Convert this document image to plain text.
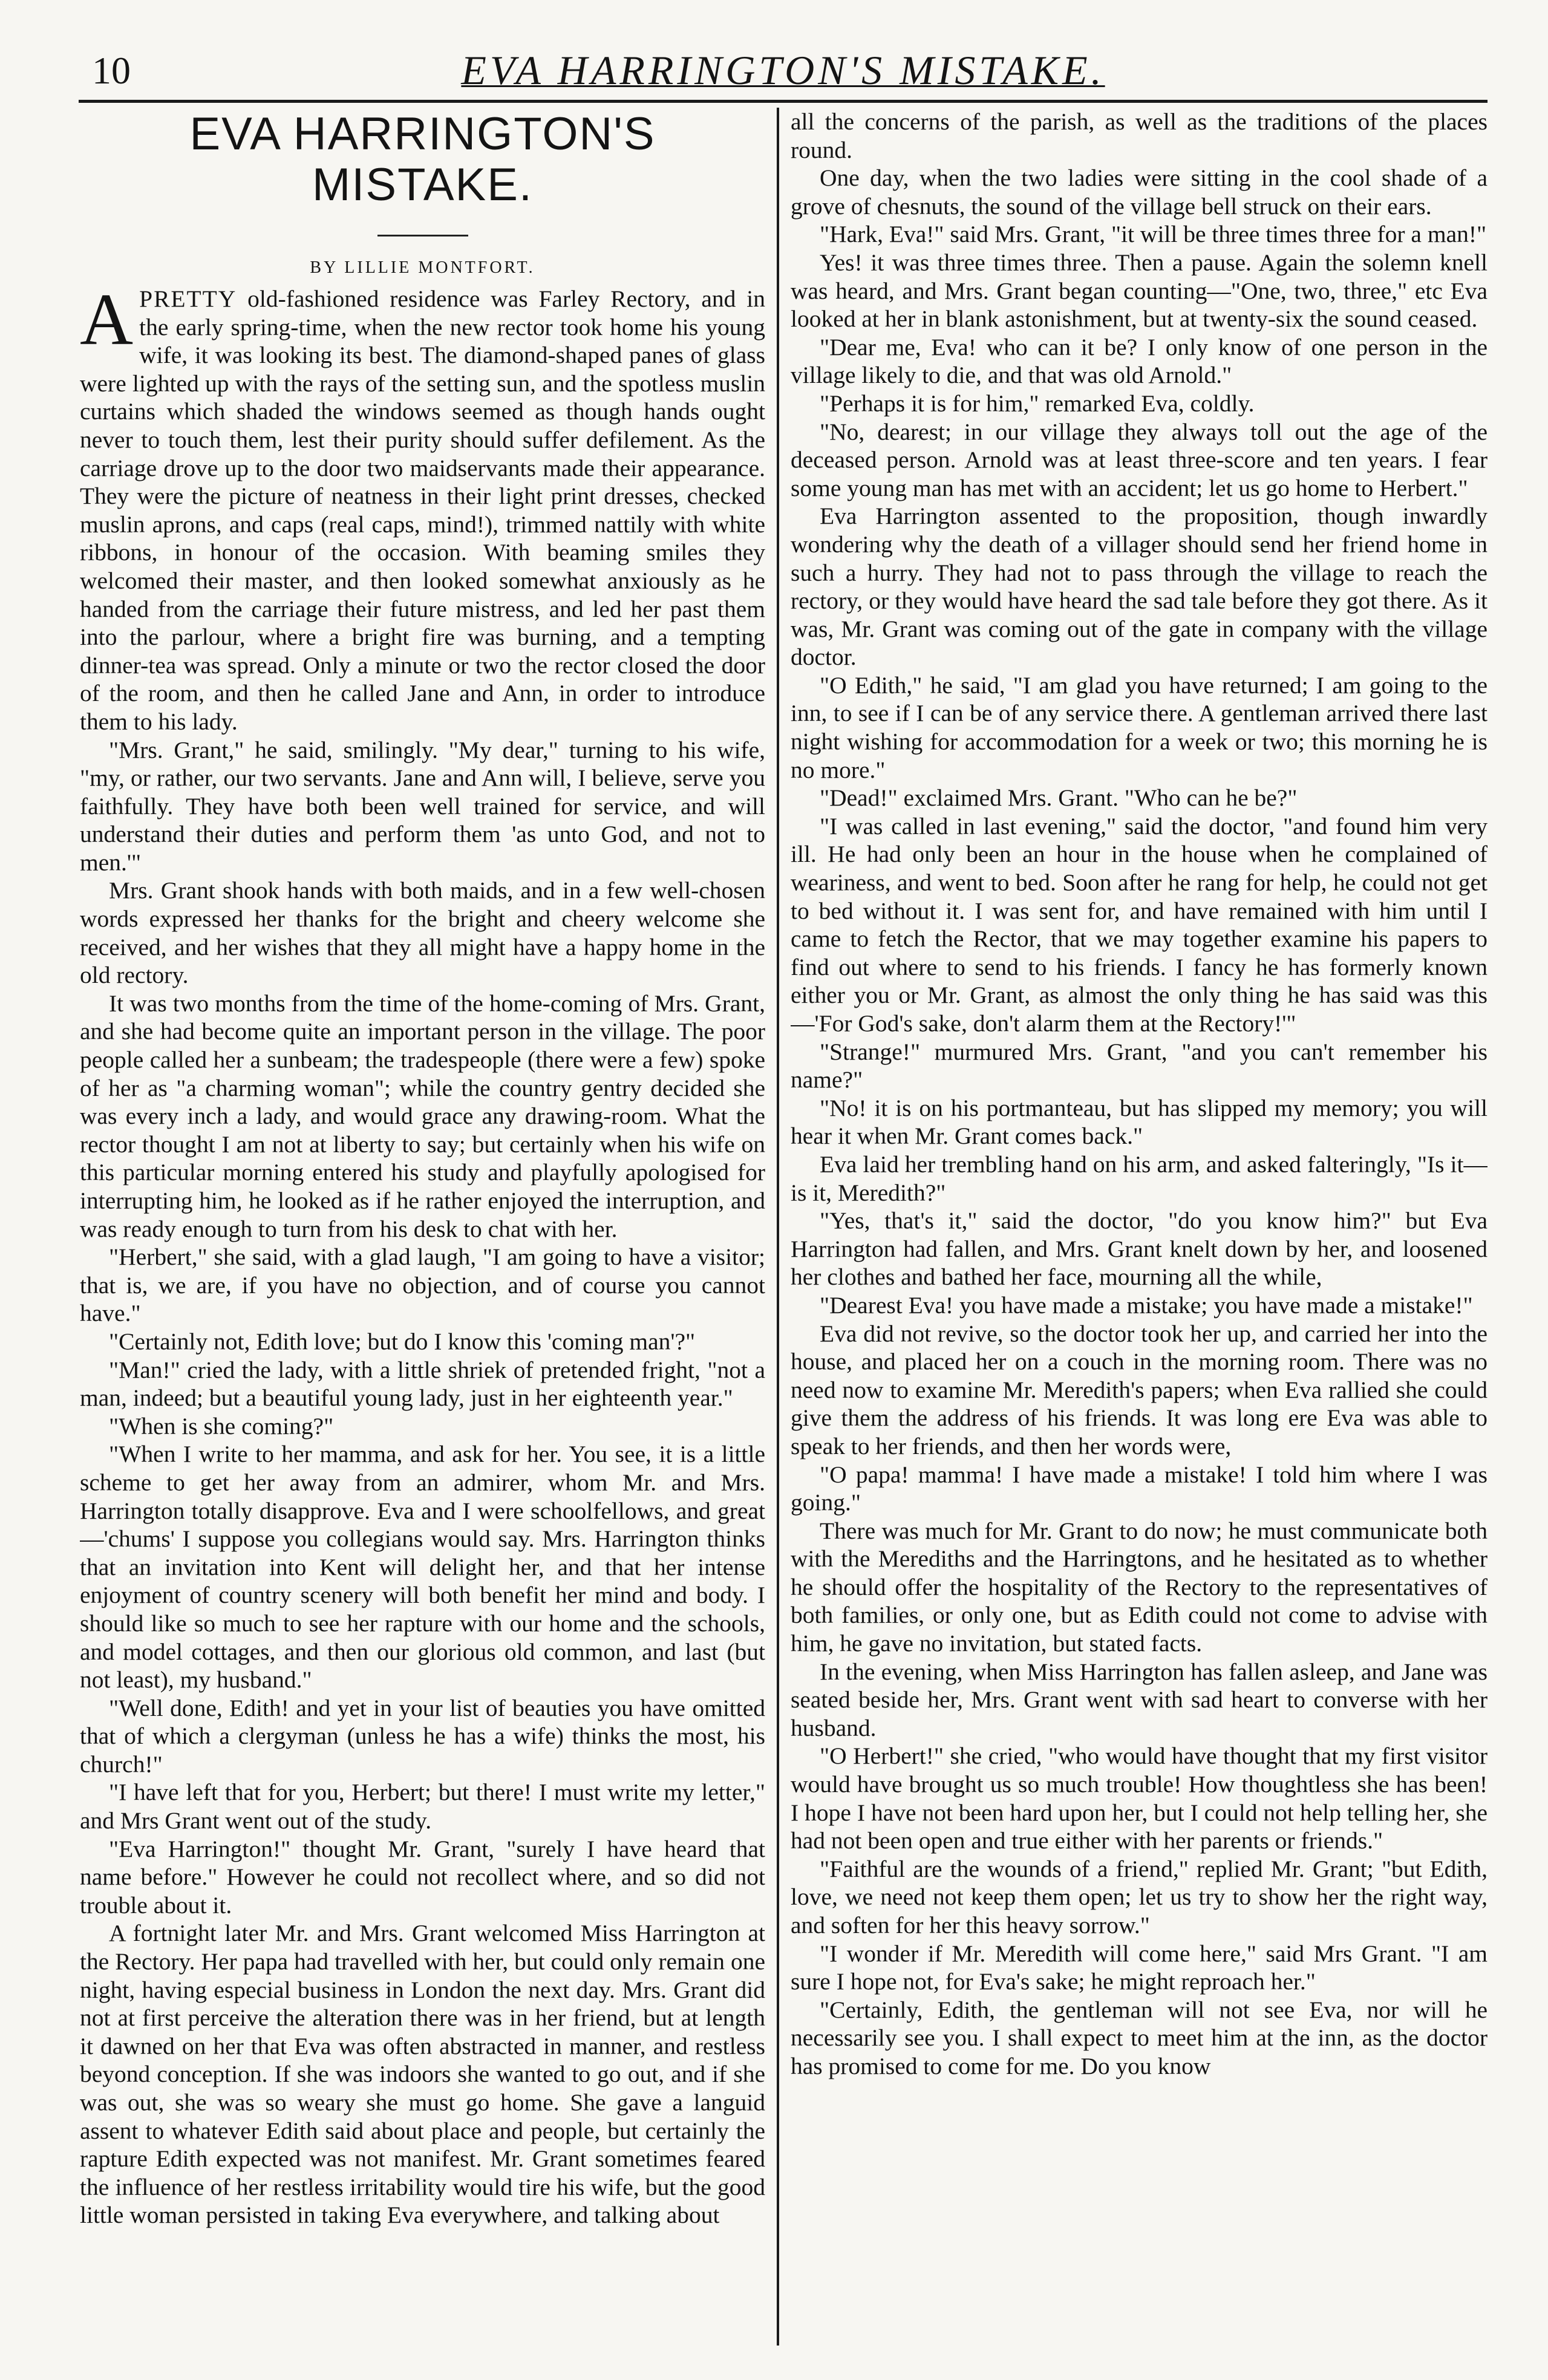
10	EVA HARRINGTON'S MISTAKE.
EVA HARRINGTON'S MISTAKE.
BY LILLIE MONTFORT.

APRETTY old-fashioned residence was Farley Rectory, and in the early spring-time, when the new rector took home his young wife, it was looking its best. The diamond-shaped panes of glass were lighted up with the rays of the setting sun, and the spotless muslin curtains which shaded the windows seemed as though hands ought never to touch them, lest their purity should suffer defilement. As the carriage drove up to the door two maidservants made their appearance. They were the picture of neatness in their light print dresses, checked muslin aprons, and caps (real caps, mind!), trimmed nattily with white ribbons, in honour of the occasion. With beaming smiles they welcomed their master, and then looked somewhat anxiously as he handed from the carriage their future mistress, and led her past them into the parlour, where a bright fire was burning, and a tempting dinner-tea was spread. Only a minute or two the rector closed the door of the room, and then he called Jane and Ann, in order to introduce them to his lady.

"Mrs. Grant," he said, smilingly. "My dear," turning to his wife, "my, or rather, our two servants. Jane and Ann will, I believe, serve you faithfully. They have both been well trained for service, and will understand their duties and perform them 'as unto God, and not to men.'"

Mrs. Grant shook hands with both maids, and in a few well-chosen words expressed her thanks for the bright and cheery welcome she received, and her wishes that they all might have a happy home in the old rectory.

It was two months from the time of the home-coming of Mrs. Grant, and she had become quite an important person in the village. The poor people called her a sunbeam; the tradespeople (there were a few) spoke of her as "a charming woman"; while the country gentry decided she was every inch a lady, and would grace any drawing-room. What the rector thought I am not at liberty to say; but certainly when his wife on this particular morning entered his study and playfully apologised for interrupting him, he looked as if he rather enjoyed the interruption, and was ready enough to turn from his desk to chat with her.

"Herbert," she said, with a glad laugh, "I am going to have a visitor; that is, we are, if you have no objection, and of course you cannot have."

"Certainly not, Edith love; but do I know this 'coming man'?"

"Man!" cried the lady, with a little shriek of pretended fright, "not a man, indeed; but a beautiful young lady, just in her eighteenth year."

"When is she coming?"

"When I write to her mamma, and ask for her. You see, it is a little scheme to get her away from an admirer, whom Mr. and Mrs. Harrington totally disapprove. Eva and I were schoolfellows, and great—'chums' I suppose you collegians would say. Mrs. Harrington thinks that an invitation into Kent will delight her, and that her intense enjoyment of country scenery will both benefit her mind and body. I should like so much to see her rapture with our home and the schools, and model cottages, and then our glorious old common, and last (but not least), my husband."

"Well done, Edith! and yet in your list of beauties you have omitted that of which a clergyman (unless he has a wife) thinks the most, his church!"

"I have left that for you, Herbert; but there! I must write my letter," and Mrs Grant went out of the study.

"Eva Harrington!" thought Mr. Grant, "surely I have heard that name before." However he could not recollect where, and so did not trouble about it.

A fortnight later Mr. and Mrs. Grant welcomed Miss Harrington at the Rectory. Her papa had travelled with her, but could only remain one night, having especial business in London the next day. Mrs. Grant did not at first perceive the alteration there was in her friend, but at length it dawned on her that Eva was often abstracted in manner, and restless beyond conception. If she was indoors she wanted to go out, and if she was out, she was so weary she must go home. She gave a languid assent to whatever Edith said about place and people, but certainly the rapture Edith expected was not manifest. Mr. Grant sometimes feared the influence of her restless irritability would tire his wife, but the good little woman persisted in taking Eva everywhere, and talking about

all the concerns of the parish, as well as the traditions of the places round.

One day, when the two ladies were sitting in the cool shade of a grove of chesnuts, the sound of the village bell struck on their ears.

"Hark, Eva!" said Mrs. Grant, "it will be three times three for a man!"

Yes! it was three times three. Then a pause. Again the solemn knell was heard, and Mrs. Grant began counting—"One, two, three," etc Eva looked at her in blank astonishment, but at twenty-six the sound ceased.

"Dear me, Eva! who can it be? I only know of one person in the village likely to die, and that was old Arnold."

"Perhaps it is for him," remarked Eva, coldly.

"No, dearest; in our village they always toll out the age of the deceased person. Arnold was at least three-score and ten years. I fear some young man has met with an accident; let us go home to Herbert."

Eva Harrington assented to the proposition, though inwardly wondering why the death of a villager should send her friend home in such a hurry. They had not to pass through the village to reach the rectory, or they would have heard the sad tale before they got there. As it was, Mr. Grant was coming out of the gate in company with the village doctor.

"O Edith," he said, "I am glad you have returned; I am going to the inn, to see if I can be of any service there. A gentleman arrived there last night wishing for accommodation for a week or two; this morning he is no more."

"Dead!" exclaimed Mrs. Grant. "Who can he be?"

"I was called in last evening," said the doctor, "and found him very ill. He had only been an hour in the house when he complained of weariness, and went to bed. Soon after he rang for help, he could not get to bed without it. I was sent for, and have remained with him until I came to fetch the Rector, that we may together examine his papers to find out where to send to his friends. I fancy he has formerly known either you or Mr. Grant, as almost the only thing he has said was this—'For God's sake, don't alarm them at the Rectory!'"

"Strange!" murmured Mrs. Grant, "and you can't remember his name?"

"No! it is on his portmanteau, but has slipped my memory; you will hear it when Mr. Grant comes back."

Eva laid her trembling hand on his arm, and asked falteringly, "Is it—is it, Meredith?"

"Yes, that's it," said the doctor, "do you know him?" but Eva Harrington had fallen, and Mrs. Grant knelt down by her, and loosened her clothes and bathed her face, mourning all the while,

"Dearest Eva! you have made a mistake; you have made a mistake!"

Eva did not revive, so the doctor took her up, and carried her into the house, and placed her on a couch in the morning room. There was no need now to examine Mr. Meredith's papers; when Eva rallied she could give them the address of his friends. It was long ere Eva was able to speak to her friends, and then her words were,

"O papa! mamma! I have made a mistake! I told him where I was going."

There was much for Mr. Grant to do now; he must communicate both with the Merediths and the Harringtons, and he hesitated as to whether he should offer the hospitality of the Rectory to the representatives of both families, or only one, but as Edith could not come to advise with him, he gave no invitation, but stated facts.

In the evening, when Miss Harrington has fallen asleep, and Jane was seated beside her, Mrs. Grant went with sad heart to converse with her husband.

"O Herbert!" she cried, "who would have thought that my first visitor would have brought us so much trouble! How thoughtless she has been! I hope I have not been hard upon her, but I could not help telling her, she had not been open and true either with her parents or friends."

"Faithful are the wounds of a friend," replied Mr. Grant; "but Edith, love, we need not keep them open; let us try to show her the right way, and soften for her this heavy sorrow."

"I wonder if Mr. Meredith will come here," said Mrs Grant. "I am sure I hope not, for Eva's sake; he might reproach her."

"Certainly, Edith, the gentleman will not see Eva, nor will he necessarily see you. I shall expect to meet him at the inn, as the doctor has promised to come for me. Do you know
